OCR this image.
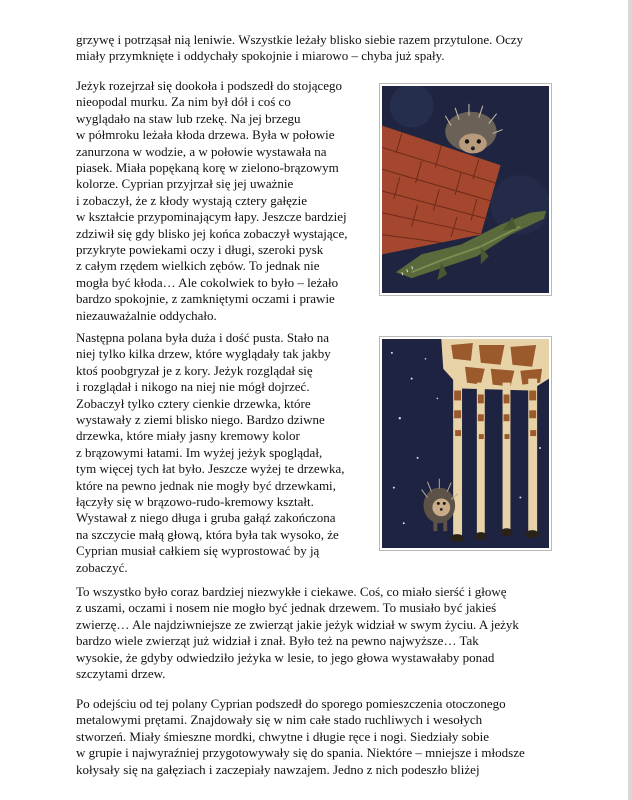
grzywę i potrząsał nią leniwie. Wszystkie leżały blisko siebie razem przytulone. Oczy
miały przymknięte i oddychały spokojnie i miarowo – chyba już spały.

Jeżyk rozejrzał się dookoła i podszedł do stojącego
nieopodal murku. Za nim był dół i coś co
wyglądało na staw lub rzekę. Na jej brzegu
w półmroku leżała kłoda drzewa. Była w połowie
zanurzona w wodzie, a w połowie wystawała na
piasek. Miała popękaną korę w zielono-brązowym
kolorze. Cyprian przyjrzał się jej uważnie
i zobaczył, że z kłody wystają cztery gałęzie
w kształcie przypominającym łapy. Jeszcze bardziej
zdziwił się gdy blisko jej końca zobaczył wystające,
przykryte powiekami oczy i długi, szeroki pysk
z całym rzędem wielkich zębów. To jednak nie
mogła być kłoda… Ale cokolwiek to było – leżało
bardzo spokojnie, z zamkniętymi oczami i prawie
niezauważalnie oddychało.

Następna polana była duża i dość pusta. Stało na
niej tylko kilka drzew, które wyglądały tak jakby
ktoś poobgryzał je z kory. Jeżyk rozglądał się
i rozglądał i nikogo na niej nie mógł dojrzeć.
Zobaczył tylko cztery cienkie drzewka, które
wystawały z ziemi blisko niego. Bardzo dziwne
drzewka, które miały jasny kremowy kolor
z brązowymi łatami. Im wyżej jeżyk spoglądał,
tym więcej tych łat było. Jeszcze wyżej te drzewka,
które na pewno jednak nie mogły być drzewkami,
łączyły się w brązowo-rudo-kremowy kształt.
Wystawał z niego długa i gruba gałąź zakończona
na szczycie małą głową, która była tak wysoko, że
Cyprian musiał całkiem się wyprostować by ją
zobaczyć.

To wszystko było coraz bardziej niezwykłe i ciekawe. Coś, co miało sierść i głowę
z uszami, oczami i nosem nie mogło być jednak drzewem. To musiało być jakieś
zwierzę… Ale najdziwniejsze ze zwierząt jakie jeżyk widział w swym życiu. A jeżyk
bardzo wiele zwierząt już widział i znał. Było też na pewno najwyższe… Tak
wysokie, że gdyby odwiedziło jeżyka w lesie, to jego głowa wystawałaby ponad
szczytami drzew.

Po odejściu od tej polany Cyprian podszedł do sporego pomieszczenia otoczonego
metalowymi prętami. Znajdowały się w nim całe stado ruchliwych i wesołych
stworzeń. Miały śmieszne mordki, chwytne i długie ręce i nogi. Siedziały sobie
w grupie i najwyraźniej przygotowywały się do spania. Niektóre – mniejsze i młodsze
kołysały się na gałęziach i zaczepiały nawzajem. Jedno z nich podeszło bliżej
